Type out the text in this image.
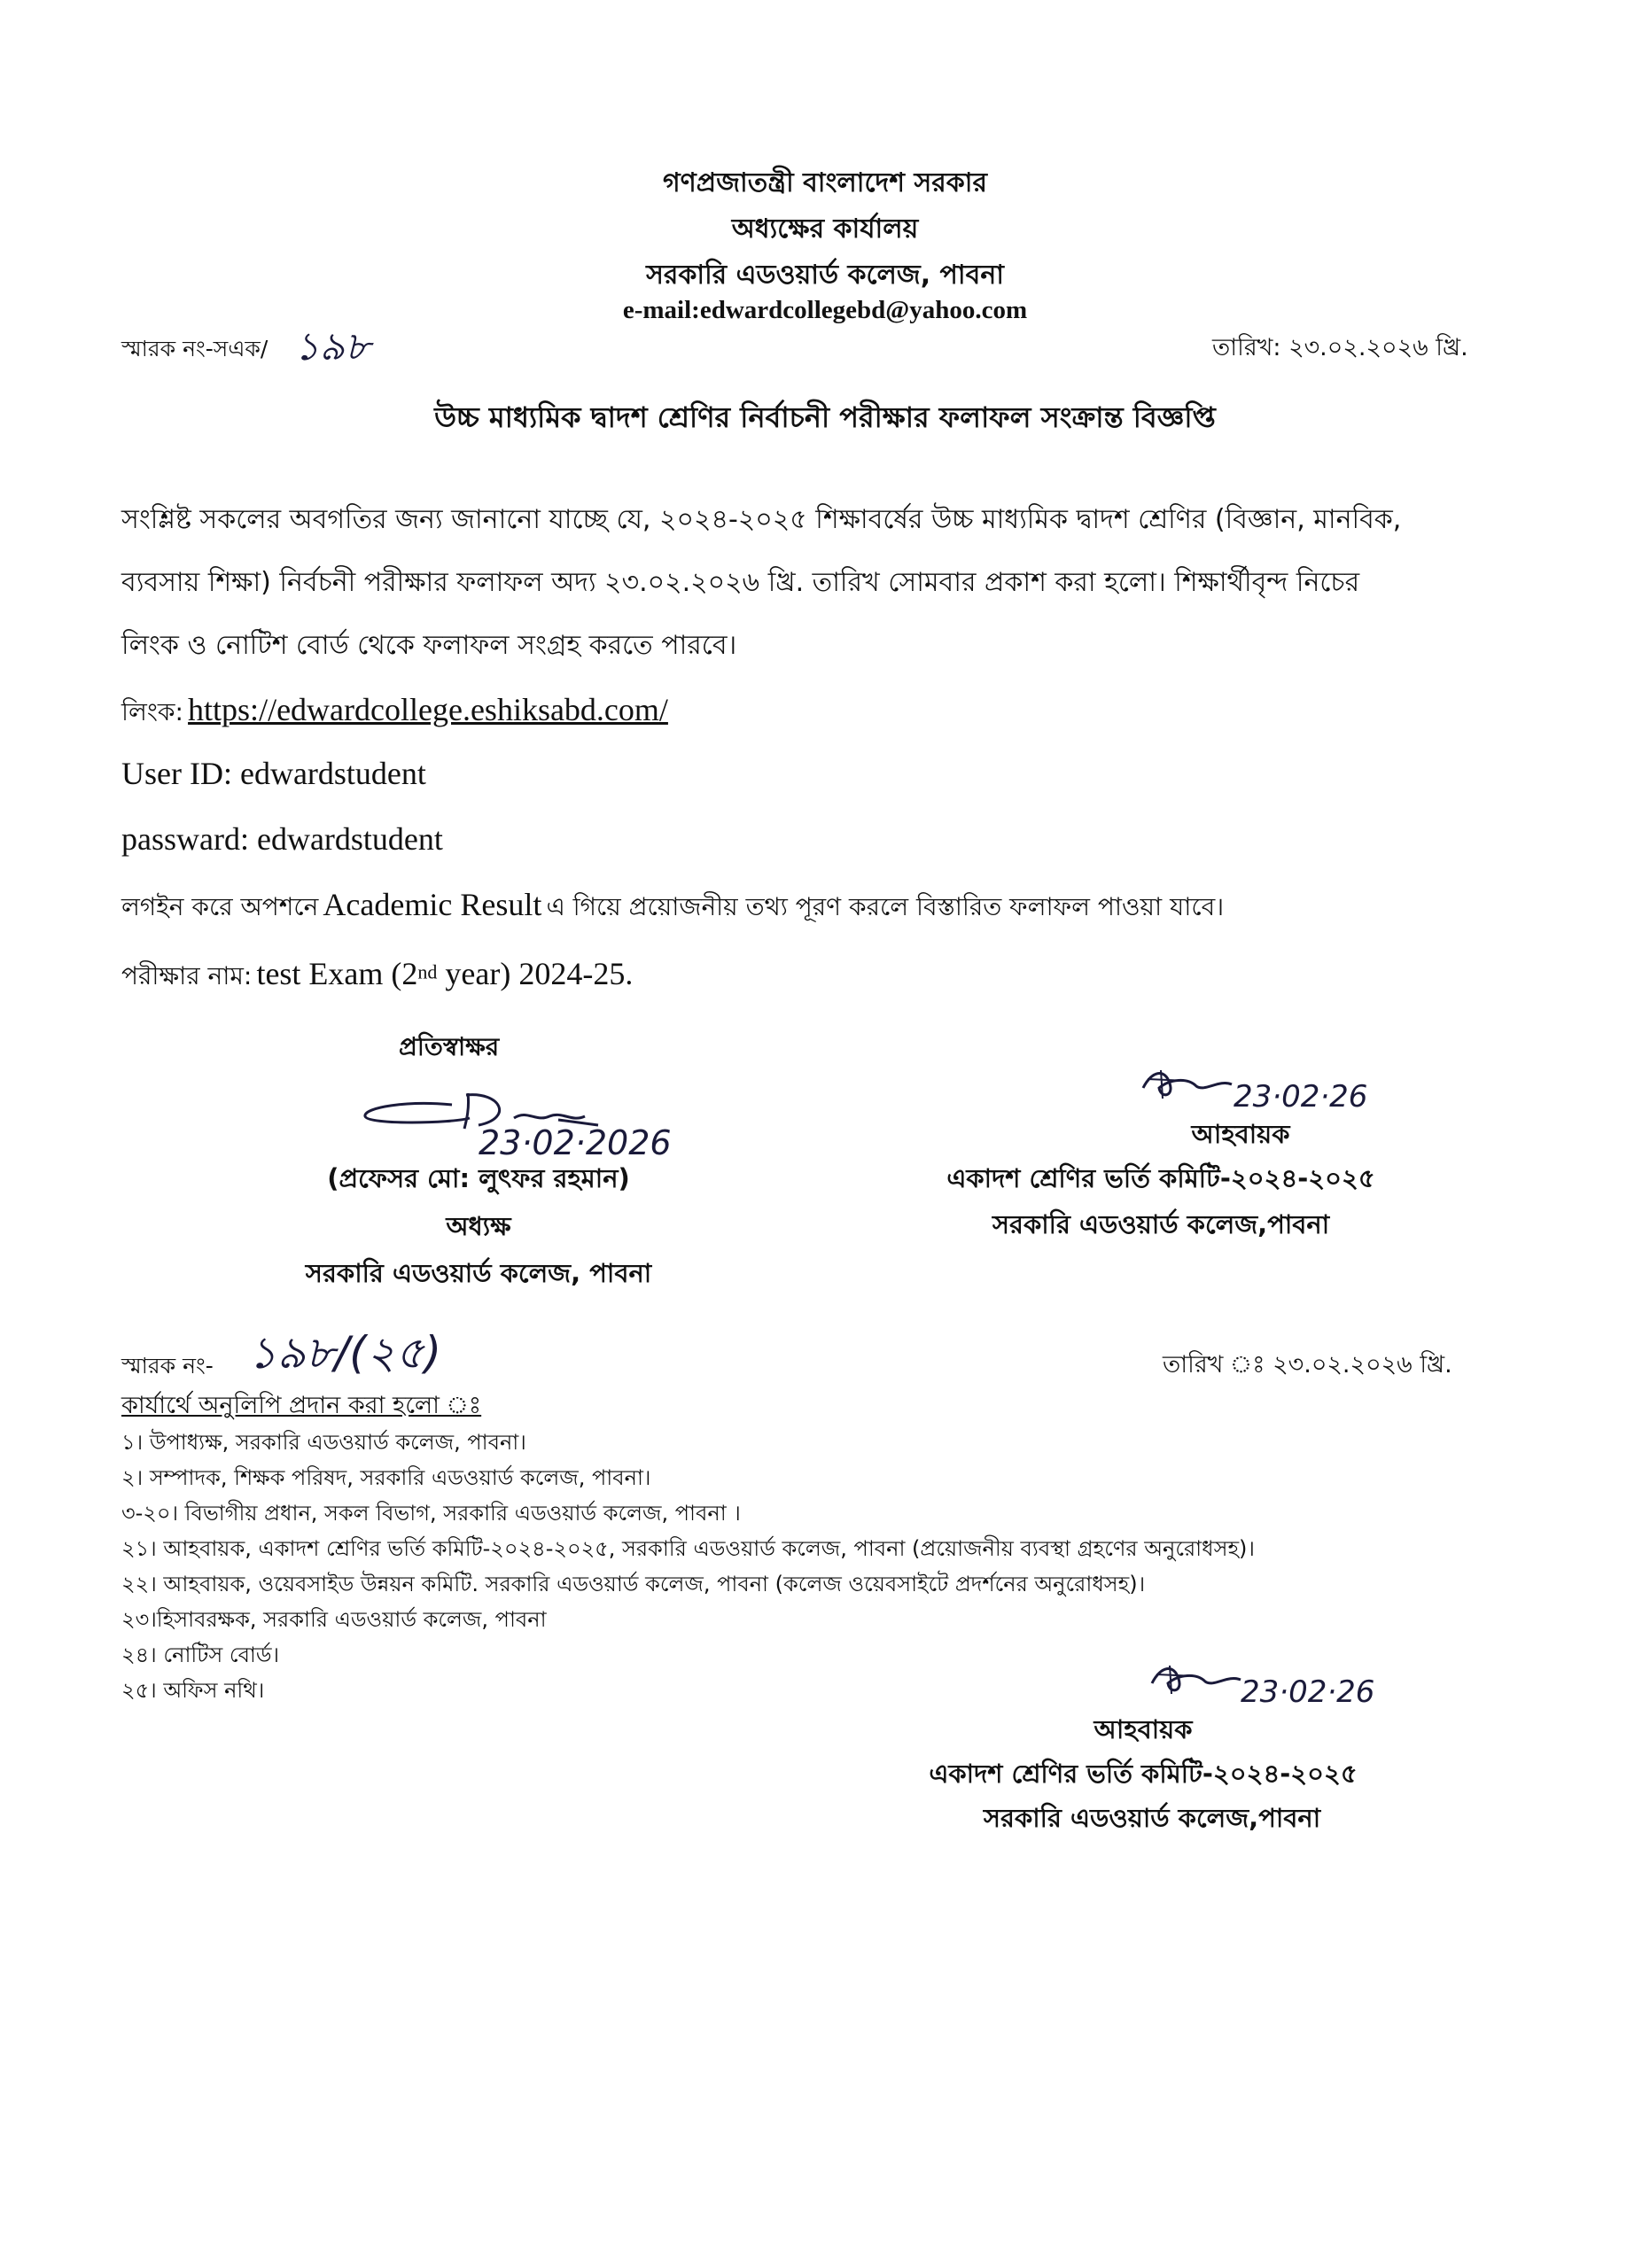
গণপ্রজাতন্ত্রী বাংলাদেশ সরকার
অধ্যক্ষের কার্যালয়
সরকারি এডওয়ার্ড কলেজ, পাবনা
e-mail:edwardcollegebd@yahoo.com
স্মারক নং-সএক/ ১৯৮	তারিখ: ২৩.০২.২০২৬ খ্রি.
উচ্চ মাধ্যমিক দ্বাদশ শ্রেণির নির্বাচনী পরীক্ষার ফলাফল সংক্রান্ত বিজ্ঞপ্তি
সংশ্লিষ্ট সকলের অবগতির জন্য জানানো যাচ্ছে যে, ২০২৪-২০২৫ শিক্ষাবর্ষের উচ্চ মাধ্যমিক দ্বাদশ শ্রেণির (বিজ্ঞান, মানবিক,
ব্যবসায় শিক্ষা) নির্বচনী পরীক্ষার ফলাফল অদ্য ২৩.০২.২০২৬ খ্রি. তারিখ সোমবার প্রকাশ করা হলো। শিক্ষার্থীবৃন্দ নিচের
লিংক ও নোটিশ বোর্ড থেকে ফলাফল সংগ্রহ করতে পারবে।
লিংক: https://edwardcollege.eshiksabd.com/
User ID: edwardstudent
passward: edwardstudent
লগইন করে অপশনে Academic Result এ গিয়ে প্রয়োজনীয় তথ্য পূরণ করলে বিস্তারিত ফলাফল পাওয়া যাবে।
পরীক্ষার নাম: test Exam (2nd year) 2024-25.
প্রতিস্বাক্ষর
23·02·2026
(প্রফেসর মো: লুৎফর রহমান)
অধ্যক্ষ
সরকারি এডওয়ার্ড কলেজ, পাবনা
23·02·26
আহবায়ক
একাদশ শ্রেণির ভর্তি কমিটি-২০২৪-২০২৫
সরকারি এডওয়ার্ড কলেজ,পাবনা
স্মারক নং- ১৯৮/(২৫)	তারিখ ঃ ২৩.০২.২০২৬ খ্রি.
কার্যার্থে অনুলিপি প্রদান করা হলো ঃ
১। উপাধ্যক্ষ, সরকারি এডওয়ার্ড কলেজ, পাবনা।
২। সম্পাদক, শিক্ষক পরিষদ, সরকারি এডওয়ার্ড কলেজ, পাবনা।
৩-২০। বিভাগীয় প্রধান, সকল বিভাগ, সরকারি এডওয়ার্ড কলেজ, পাবনা ।
২১। আহবায়ক, একাদশ শ্রেণির ভর্তি কমিটি-২০২৪-২০২৫, সরকারি এডওয়ার্ড কলেজ, পাবনা (প্রয়োজনীয় ব্যবস্থা গ্রহণের অনুরোধসহ)।
২২। আহবায়ক, ওয়েবসাইড উন্নয়ন কমিটি. সরকারি এডওয়ার্ড কলেজ, পাবনা (কলেজ ওয়েবসাইটে প্রদর্শনের অনুরোধসহ)।
২৩।হিসাবরক্ষক, সরকারি এডওয়ার্ড কলেজ, পাবনা
২৪। নোটিস বোর্ড।
২৫। অফিস নথি।	23·02·26
আহবায়ক
একাদশ শ্রেণির ভর্তি কমিটি-২০২৪-২০২৫
সরকারি এডওয়ার্ড কলেজ,পাবনা
